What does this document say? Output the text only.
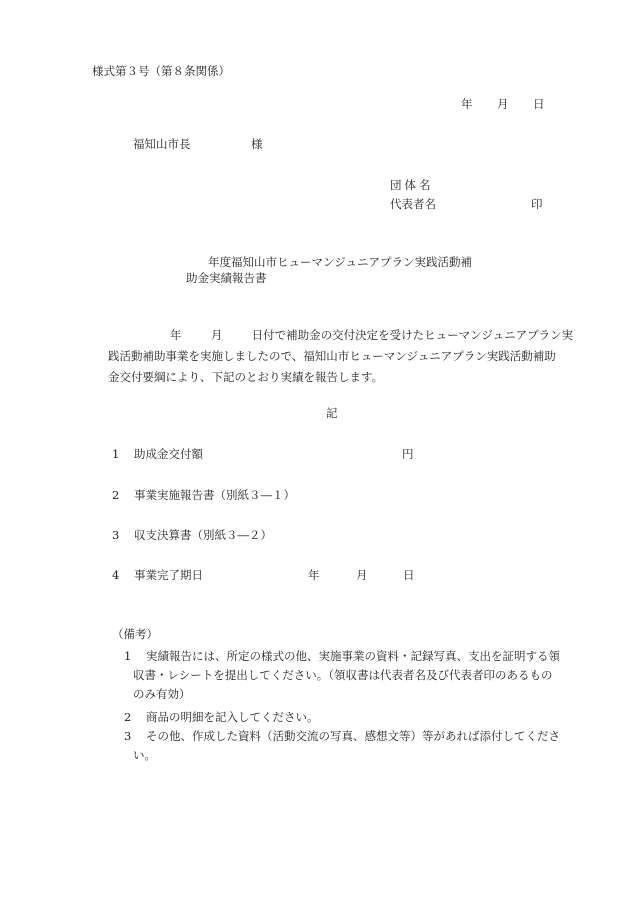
様式第３号（第８条関係）
年 月 日
福知山市長	様
団体名
代表者名	印
年度福知山市ヒューマンジュニアプラン実践活動補
助金実績報告書
年	月	日付で補助金の交付決定を受けたヒューマンジュニアプラン実
践活動補助事業を実施しましたので、福知山市ヒューマンジュニアプラン実践活動補助
金交付要綱により、下記のとおり実績を報告します。
記
1 助成金交付額	円
2 事業実施報告書（別紙３―１）
3 収支決算書（別紙３―２）
4 事業完了期日	年	月	日
（備考）
1 実績報告には、所定の様式の他、実施事業の資料・記録写真、支出を証明する領
収書・レシートを提出してください。（領収書は代表者名及び代表者印のあるもの
のみ有効）
2 商品の明細を記入してください。
3 その他、作成した資料（活動交流の写真、感想文等）等があれば添付してくださ
い。
